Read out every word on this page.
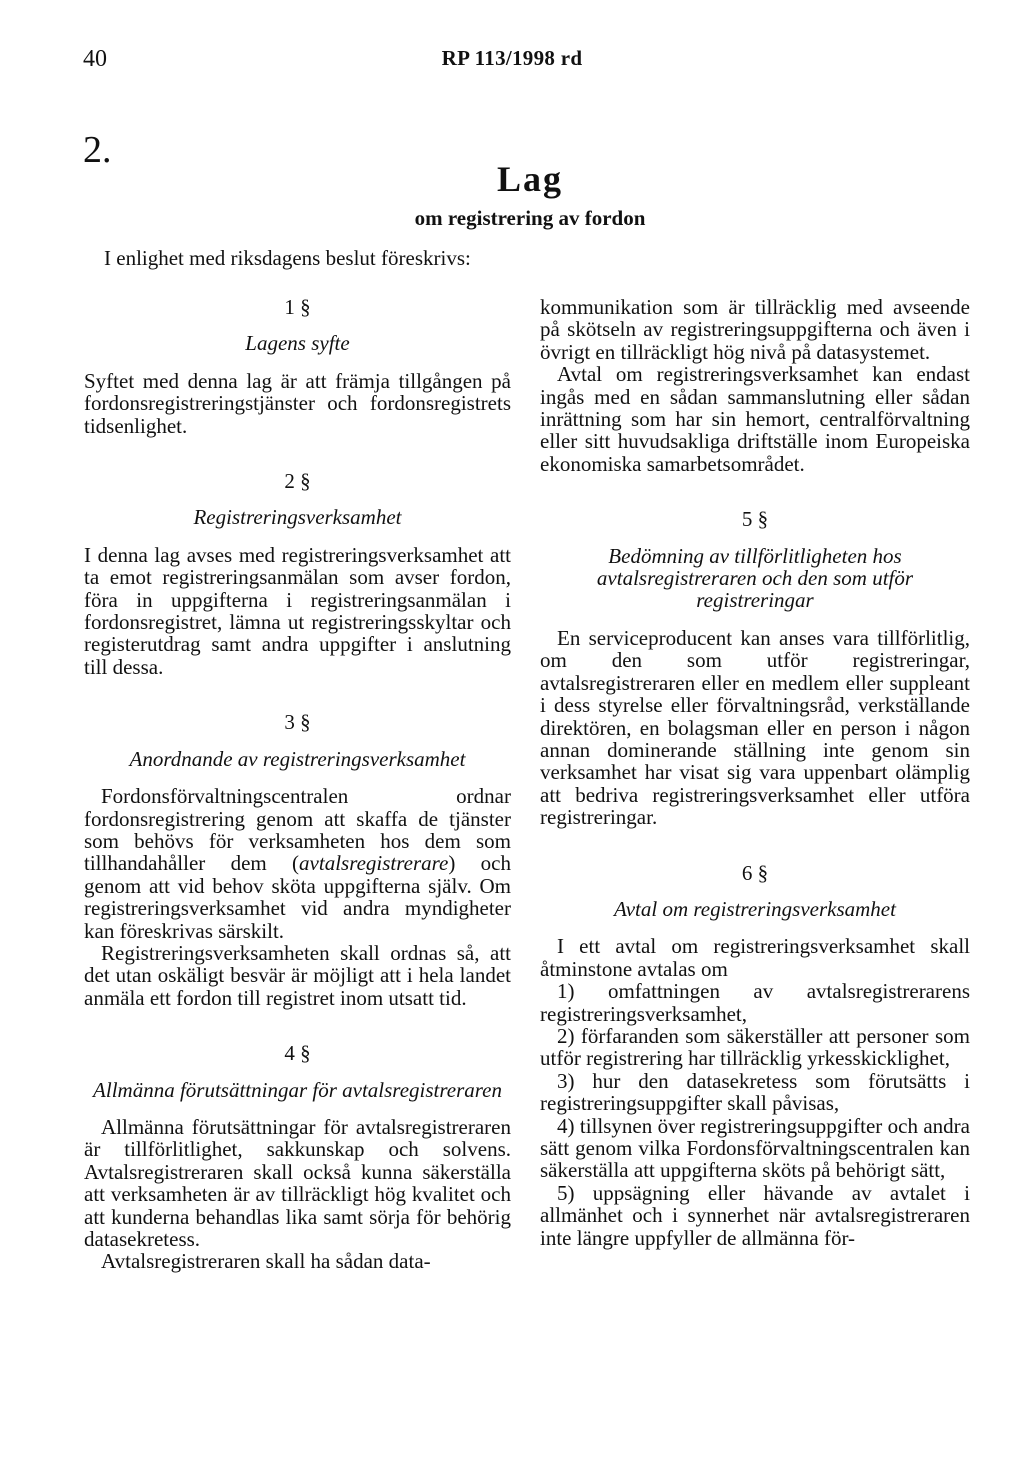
40	RP 113/1998 rd
2.
Lag
om registrering av fordon
I enlighet med riksdagens beslut föreskrivs:

1 §

Lagens syfte

Syftet med denna lag är att främja tillgången på fordonsregistreringstjänster och fordonsregistrets tidsenlighet.

2 §

Registreringsverksamhet

I denna lag avses med registreringsverksamhet att ta emot registreringsanmälan som avser fordon, föra in uppgifterna i registreringsanmälan i fordonsregistret, lämna ut registreringsskyltar och registerutdrag samt andra uppgifter i anslutning till dessa.

3 §

Anordnande av registreringsverksamhet

Fordonsförvaltningscentralen ordnar fordonsregistrering genom att skaffa de tjänster som behövs för verksamheten hos dem som tillhandahåller dem (avtalsregistrerare) och genom att vid behov sköta uppgifterna själv. Om registreringsverksamhet vid andra myndigheter kan föreskrivas särskilt.

Registreringsverksamheten skall ordnas så, att det utan oskäligt besvär är möjligt att i hela landet anmäla ett fordon till registret inom utsatt tid.

4 §

Allmänna förutsättningar för avtalsregistreraren

Allmänna förutsättningar för avtalsregistreraren är tillförlitlighet, sakkunskap och solvens. Avtalsregistreraren skall också kunna säkerställa att verksamheten är av tillräckligt hög kvalitet och att kunderna behandlas lika samt sörja för behörig datasekretess.

Avtalsregistreraren skall ha sådan data-

kommunikation som är tillräcklig med avseende på skötseln av registreringsuppgifterna och även i övrigt en tillräckligt hög nivå på datasystemet.

Avtal om registreringsverksamhet kan endast ingås med en sådan sammanslutning eller sådan inrättning som har sin hemort, centralförvaltning eller sitt huvudsakliga driftställe inom Europeiska ekonomiska samarbetsområdet.

5 §

Bedömning av tillförlitligheten hos avtalsregistreraren och den som utför registreringar

En serviceproducent kan anses vara tillförlitlig, om den som utför registreringar, avtalsregistreraren eller en medlem eller suppleant i dess styrelse eller förvaltningsråd, verkställande direktören, en bolagsman eller en person i någon annan dominerande ställning inte genom sin verksamhet har visat sig vara uppenbart olämplig att bedriva registreringsverksamhet eller utföra registreringar.

6 §

Avtal om registreringsverksamhet

I ett avtal om registreringsverksamhet skall åtminstone avtalas om

1) omfattningen av avtalsregistrerarens registreringsverksamhet,

2) förfaranden som säkerställer att personer som utför registrering har tillräcklig yrkesskicklighet,

3) hur den datasekretess som förutsätts i registreringsuppgifter skall påvisas,

4) tillsynen över registreringsuppgifter och andra sätt genom vilka Fordonsförvaltningscentralen kan säkerställa att uppgifterna sköts på behörigt sätt,

5) uppsägning eller hävande av avtalet i allmänhet och i synnerhet när avtalsregistreraren inte längre uppfyller de allmänna för-
